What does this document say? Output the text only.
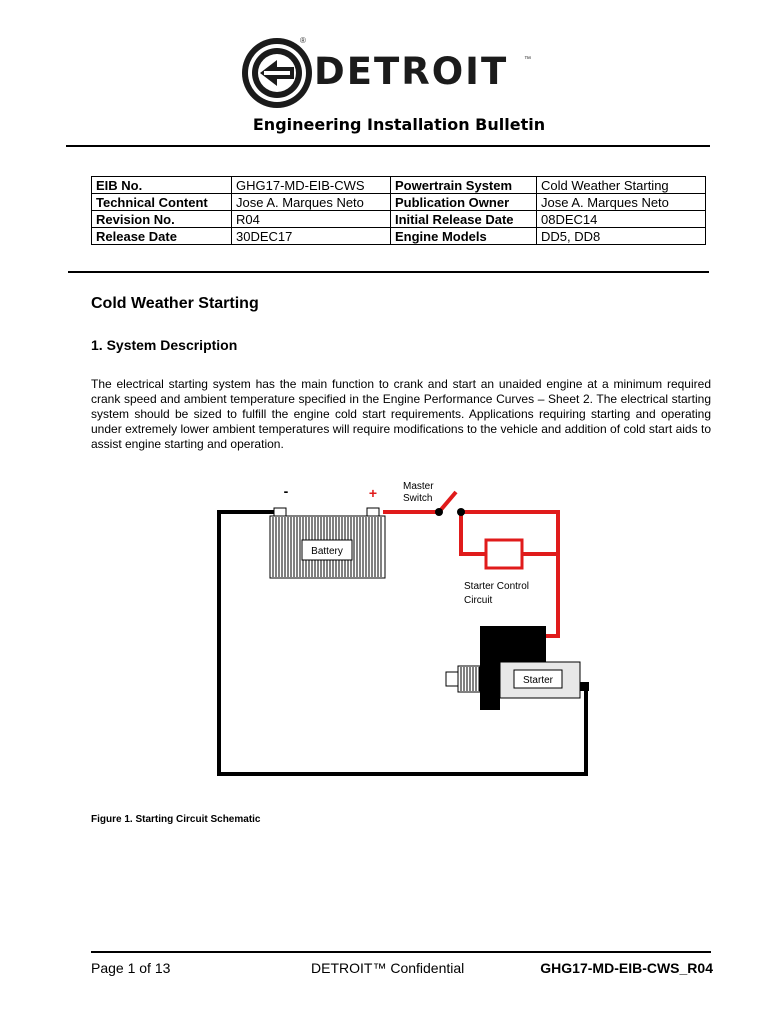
®
DETROIT ™
Engineering Installation Bulletin
EIB No.	GHG17-MD-EIB-CWS	Powertrain System	Cold Weather Starting
Technical Content	Jose A. Marques Neto	Publication Owner	Jose A. Marques Neto
Revision No.	R04	Initial Release Date	08DEC14
Release Date	30DEC17	Engine Models	DD5, DD8
Cold Weather Starting
1. System Description
The electrical starting system has the main function to crank and start an unaided engine at a minimum required crank speed and ambient temperature specified in the Engine Performance Curves – Sheet 2. The electrical starting system should be sized to fulfill the engine cold start requirements. Applications requiring starting and operating under extremely lower ambient temperatures will require modifications to the vehicle and addition of cold start aids to assist engine starting and operation.
Battery
-	+	Master
Switch
Starter Control
Circuit
Starter
Figure 1. Starting Circuit Schematic
Page 1 of 13	DETROIT™ Confidential	GHG17-MD-EIB-CWS_R04
